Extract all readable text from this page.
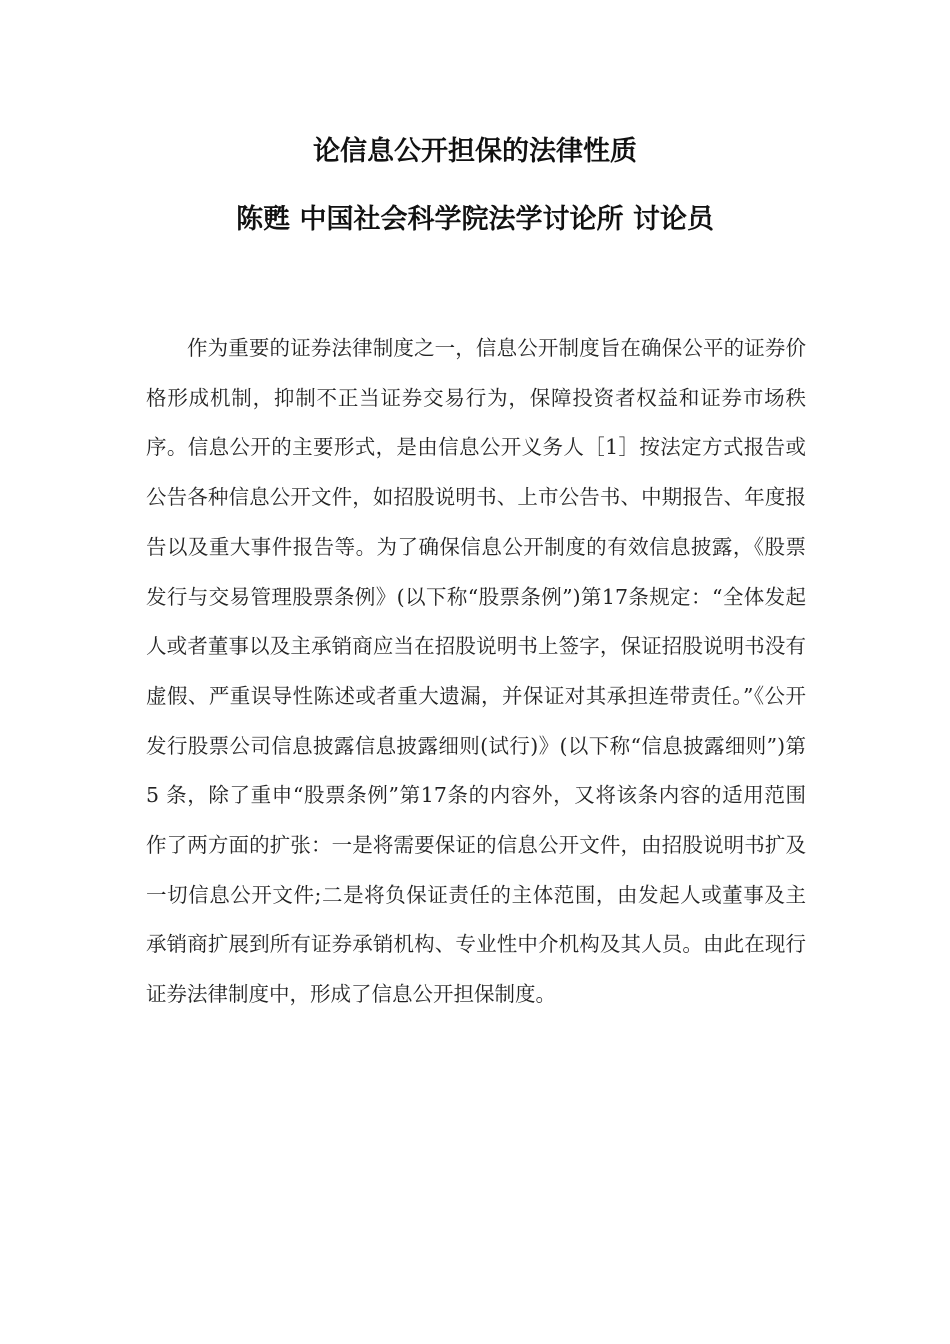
论信息公开担保的法律性质
陈甦 中国社会科学院法学讨论所 讨论员

作为重要的证券法律制度之一，信息公开制度旨在确保公平的证券价格形成机制，抑制不正当证券交易行为，保障投资者权益和证券市场秩序。信息公开的主要形式，是由信息公开义务人［1］按法定方式报告或公告各种信息公开文件，如招股说明书、上市公告书、中期报告、年度报告以及重大事件报告等。为了确保信息公开制度的有效信息披露，《股票发行与交易管理股票条例》(以下称“股票条例”)第17条规定：“全体发起人或者董事以及主承销商应当在招股说明书上签字，保证招股说明书没有虚假、严重误导性陈述或者重大遗漏，并保证对其承担连带责任。”《公开发行股票公司信息披露信息披露细则(试行)》(以下称“信息披露细则”)第5 条，除了重申“股票条例”第17条的内容外，又将该条内容的适用范围作了两方面的扩张：一是将需要保证的信息公开文件，由招股说明书扩及一切信息公开文件;二是将负保证责任的主体范围，由发起人或董事及主承销商扩展到所有证券承销机构、专业性中介机构及其人员。由此在现行证券法律制度中，形成了信息公开担保制度。
